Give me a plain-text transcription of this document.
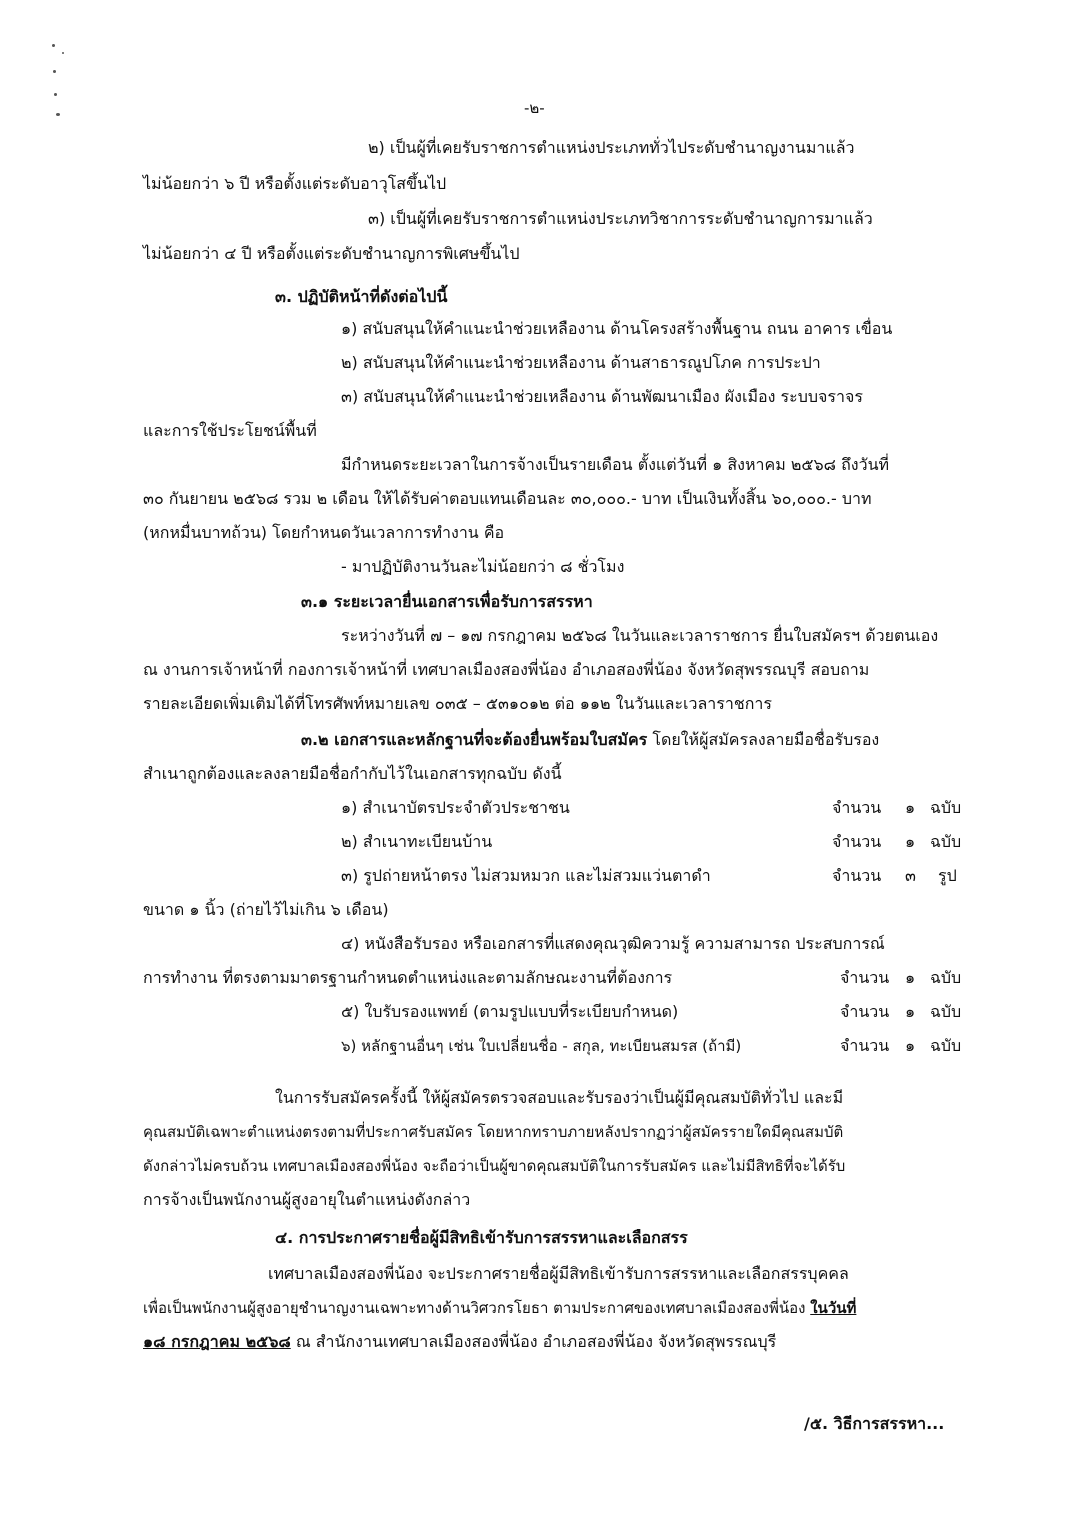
-๒-
๒) เป็นผู้ที่เคยรับราชการตำแหน่งประเภททั่วไประดับชำนาญงานมาแล้ว
ไม่น้อยกว่า ๖ ปี หรือตั้งแต่ระดับอาวุโสขึ้นไป
๓) เป็นผู้ที่เคยรับราชการตำแหน่งประเภทวิชาการระดับชำนาญการมาแล้ว
ไม่น้อยกว่า ๔ ปี หรือตั้งแต่ระดับชำนาญการพิเศษขึ้นไป
๓. ปฏิบัติหน้าที่ดังต่อไปนี้
๑) สนับสนุนให้คำแนะนำช่วยเหลืองาน ด้านโครงสร้างพื้นฐาน ถนน อาคาร เขื่อน
๒) สนับสนุนให้คำแนะนำช่วยเหลืองาน ด้านสาธารณูปโภค การประปา
๓) สนับสนุนให้คำแนะนำช่วยเหลืองาน ด้านพัฒนาเมือง ผังเมือง ระบบจราจร
และการใช้ประโยชน์พื้นที่
มีกำหนดระยะเวลาในการจ้างเป็นรายเดือน ตั้งแต่วันที่ ๑ สิงหาคม ๒๕๖๘ ถึงวันที่
๓๐ กันยายน ๒๕๖๘ รวม ๒ เดือน ให้ได้รับค่าตอบแทนเดือนละ ๓๐,๐๐๐.- บาท เป็นเงินทั้งสิ้น ๖๐,๐๐๐.- บาท
(หกหมื่นบาทถ้วน) โดยกำหนดวันเวลาการทำงาน คือ
- มาปฏิบัติงานวันละไม่น้อยกว่า ๘ ชั่วโมง
๓.๑ ระยะเวลายื่นเอกสารเพื่อรับการสรรหา
ระหว่างวันที่ ๗ – ๑๗ กรกฎาคม ๒๕๖๘ ในวันและเวลาราชการ ยื่นใบสมัครฯ ด้วยตนเอง
ณ งานการเจ้าหน้าที่ กองการเจ้าหน้าที่ เทศบาลเมืองสองพี่น้อง อำเภอสองพี่น้อง จังหวัดสุพรรณบุรี สอบถาม
รายละเอียดเพิ่มเติมได้ที่โทรศัพท์หมายเลข ๐๓๕ – ๕๓๑๐๑๒ ต่อ ๑๑๒ ในวันและเวลาราชการ
๓.๒ เอกสารและหลักฐานที่จะต้องยื่นพร้อมใบสมัคร โดยให้ผู้สมัครลงลายมือชื่อรับรอง
สำเนาถูกต้องและลงลายมือชื่อกำกับไว้ในเอกสารทุกฉบับ ดังนี้
๑) สำเนาบัตรประจำตัวประชาชน	จำนวน ๑ ฉบับ
๒) สำเนาทะเบียนบ้าน	จำนวน ๑ ฉบับ
๓) รูปถ่ายหน้าตรง ไม่สวมหมวก และไม่สวมแว่นตาดำ	จำนวน ๓ รูป
ขนาด ๑ นิ้ว (ถ่ายไว้ไม่เกิน ๖ เดือน)
๔) หนังสือรับรอง หรือเอกสารที่แสดงคุณวุฒิความรู้ ความสามารถ ประสบการณ์
การทำงาน ที่ตรงตามมาตรฐานกำหนดตำแหน่งและตามลักษณะงานที่ต้องการ	จำนวน ๑ ฉบับ
๕) ใบรับรองแพทย์ (ตามรูปแบบที่ระเบียบกำหนด)	จำนวน ๑ ฉบับ
๖) หลักฐานอื่นๆ เช่น ใบเปลี่ยนชื่อ - สกุล, ทะเบียนสมรส (ถ้ามี)	จำนวน ๑ ฉบับ
ในการรับสมัครครั้งนี้ ให้ผู้สมัครตรวจสอบและรับรองว่าเป็นผู้มีคุณสมบัติทั่วไป และมี
คุณสมบัติเฉพาะตำแหน่งตรงตามที่ประกาศรับสมัคร โดยหากทราบภายหลังปรากฏว่าผู้สมัครรายใดมีคุณสมบัติ
ดังกล่าวไม่ครบถ้วน เทศบาลเมืองสองพี่น้อง จะถือว่าเป็นผู้ขาดคุณสมบัติในการรับสมัคร และไม่มีสิทธิที่จะได้รับ
การจ้างเป็นพนักงานผู้สูงอายุในตำแหน่งดังกล่าว
๔. การประกาศรายชื่อผู้มีสิทธิเข้ารับการสรรหาและเลือกสรร
เทศบาลเมืองสองพี่น้อง จะประกาศรายชื่อผู้มีสิทธิเข้ารับการสรรหาและเลือกสรรบุคคล
เพื่อเป็นพนักงานผู้สูงอายุชำนาญงานเฉพาะทางด้านวิศวกรโยธา ตามประกาศของเทศบาลเมืองสองพี่น้อง ในวันที่
๑๘ กรกฎาคม ๒๕๖๘ ณ สำนักงานเทศบาลเมืองสองพี่น้อง อำเภอสองพี่น้อง จังหวัดสุพรรณบุรี
/๕. วิธีการสรรหา...
